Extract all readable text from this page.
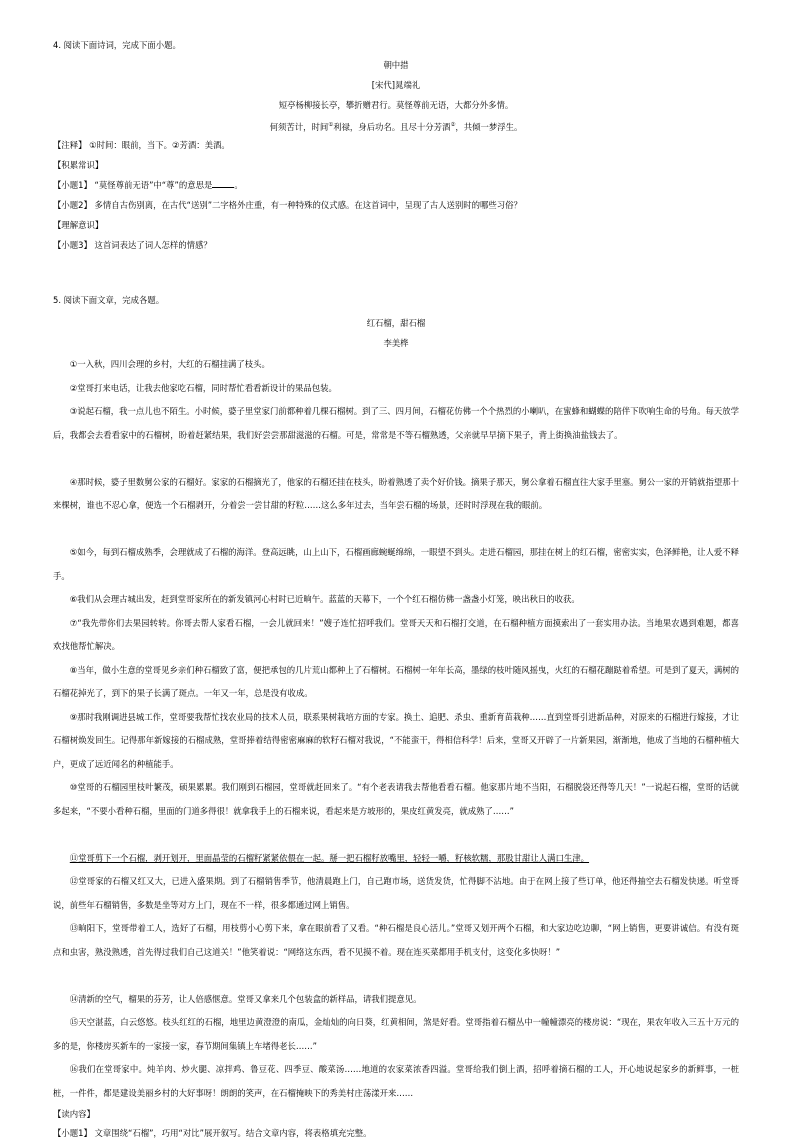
4. 阅读下面诗词，完成下面小题。
朝中措
[宋代]晁端礼
短亭杨柳接长亭，攀折赠君行。莫怪尊前无语，大都分外多情。
何须苦计，时间①利禄，身后功名。且尽十分芳酒②，共倾一梦浮生。
【注释】 ①时间：眼前，当下。②芳酒：美酒。
【积累常识】
【小题1】 “莫怪尊前无语”中“尊”的意思是	。
【小题2】 多情自古伤别离，在古代“送别”二字格外庄重，有一种特殊的仪式感。在这首词中，呈现了古人送别时的哪些习俗？
【理解意识】
【小题3】 这首词表达了词人怎样的情感？
5. 阅读下面文章，完成各题。
红石榴，甜石榴
李美桦

①一入秋，四川会理的乡村，大红的石榴挂满了枝头。

②堂哥打来电话，让我去他家吃石榴，同时帮忙看看新设计的果品包装。

③说起石榴，我一点儿也不陌生。小时候，婆子里堂家门前都种着几棵石榴树。到了三、四月间，石榴花仿佛一个个热烈的小喇叭，在蜜蜂和蝴蝶的陪伴下吹响生命的号角。每天放学后，我都会去看看家中的石榴树，盼着赶紧结果，我们好尝尝那甜滋滋的石榴。可是，常常是不等石榴熟透，父亲就早早摘下果子，背上街换油盐钱去了。

④那时候，婆子里数舅公家的石榴好。家家的石榴摘光了，他家的石榴还挂在枝头，盼着熟透了卖个好价钱。摘果子那天，舅公拿着石榴直往大家手里塞。舅公一家的开销就指望那十来棵树，谁也不忍心拿，便选一个石榴剥开，分着尝一尝甘甜的籽粒……这么多年过去，当年尝石榴的场景，还时时浮现在我的眼前。

⑤如今，每到石榴成熟季，会理就成了石榴的海洋。登高远眺，山上山下，石榴画廊蜿蜒绵绵，一眼望不到头。走进石榴园，那挂在树上的红石榴，密密实实，色泽鲜艳，让人爱不释手。

⑥我们从会理古城出发，赶到堂哥家所在的新发镇河心村时已近晌午。蓝蓝的天幕下，一个个红石榴仿佛一盏盏小灯笼，映出秋日的收获。

⑦“我先带你们去果园转转。你哥去帮人家看石榴，一会儿就回来！”嫂子连忙招呼我们。堂哥天天和石榴打交道，在石榴种植方面摸索出了一套实用办法。当地果农遇到难题，都喜欢找他帮忙解决。

⑧当年，做小生意的堂哥见乡亲们种石榴致了富，便把承包的几片荒山都种上了石榴树。石榴树一年年长高，墨绿的枝叶随风摇曳，火红的石榴花蹦跶着希望。可是到了夏天，满树的石榴花掉光了，到下的果子长满了斑点。一年又一年，总是没有收成。

⑨那时我刚调进县城工作，堂哥要我帮忙找农业局的技术人员，联系果树栽培方面的专家。换土、追肥、杀虫、重新育苗栽种……直到堂哥引进新品种，对原来的石榴进行嫁接，才让石榴树焕发回生。记得那年新嫁接的石榴成熟，堂哥捧着结得密密麻麻的软籽石榴对我说，“不能蛮干，得相信科学！后来，堂哥又开辟了一片新果园，渐渐地，他成了当地的石榴种植大户，更成了远近闻名的种植能手。

⑩堂哥的石榴园里枝叶繁茂，硕果累累。我们刚到石榴园，堂哥就赶回来了。“有个老表请我去帮他看看石榴。他家那片地不当阳，石榴脱袋还得等几天！”一说起石榴，堂哥的话就多起来，“不要小看种石榴，里面的门道多得很！就拿我手上的石榴来说，看起来是方坡形的，果皮红黄发亮，就成熟了……”

⑪堂哥剪下一个石榴，剥开划开，里面晶莹的石榴籽紧紧依偎在一起。掰一把石榴籽放嘴里，轻轻一嚼，籽核软糯，那股甘甜让人满口生津。

⑫堂哥家的石榴又红又大，已进入盛果期。到了石榴销售季节，他清晨跑上门，自己跑市场，送货发货，忙得脚不沾地。由于在网上接了些订单，他还得抽空去石榴发快递。听堂哥说，前些年石榴销售，多数是坐等对方上门，现在不一样，很多都通过网上销售。

⑬晌阳下，堂哥带着工人，选好了石榴，用枝剪小心剪下来，拿在眼前看了又看。“种石榴是良心活儿。”堂哥又划开两个石榴，和大家边吃边聊，“网上销售，更要讲诚信。有没有斑点和虫害，熟没熟透，首先得过我们自己这道关！”他笑着说：“网络这东西，看不见摸不着。现在连买菜都用手机支付，这变化多快呀！”

⑭清新的空气，榴果的芬芳，让人倍感惬意。堂哥又拿来几个包装盒的新样品，请我们提意见。

⑮天空湛蓝，白云悠悠。枝头红红的石榴，地里边黄澄澄的南瓜，金灿灿的向日葵，红黄相间，煞是好看。堂哥指着石榴丛中一幢幢漂亮的楼房说：“现在，果农年收入三五十万元的多的是，你楼房买新车的一家接一家，春节期间集镇上车堵得老长……”

⑯我们在堂哥家中。炖羊肉、炒火腿、凉拌鸡、鲁豆花、四季豆、酸菜汤……地道的农家菜浓香四溢。堂哥给我们倒上酒，招呼着摘石榴的工人，开心地说起家乡的新鲜事，一桩桩，一件件，都是建设美丽乡村的大好事呀！朗朗的笑声，在石榴掩映下的秀美村庄荡漾开来……

【读内容】
【小题1】 文章围绕“石榴”，巧用“对比”展开叙写。结合文章内容，将表格填充完整。
